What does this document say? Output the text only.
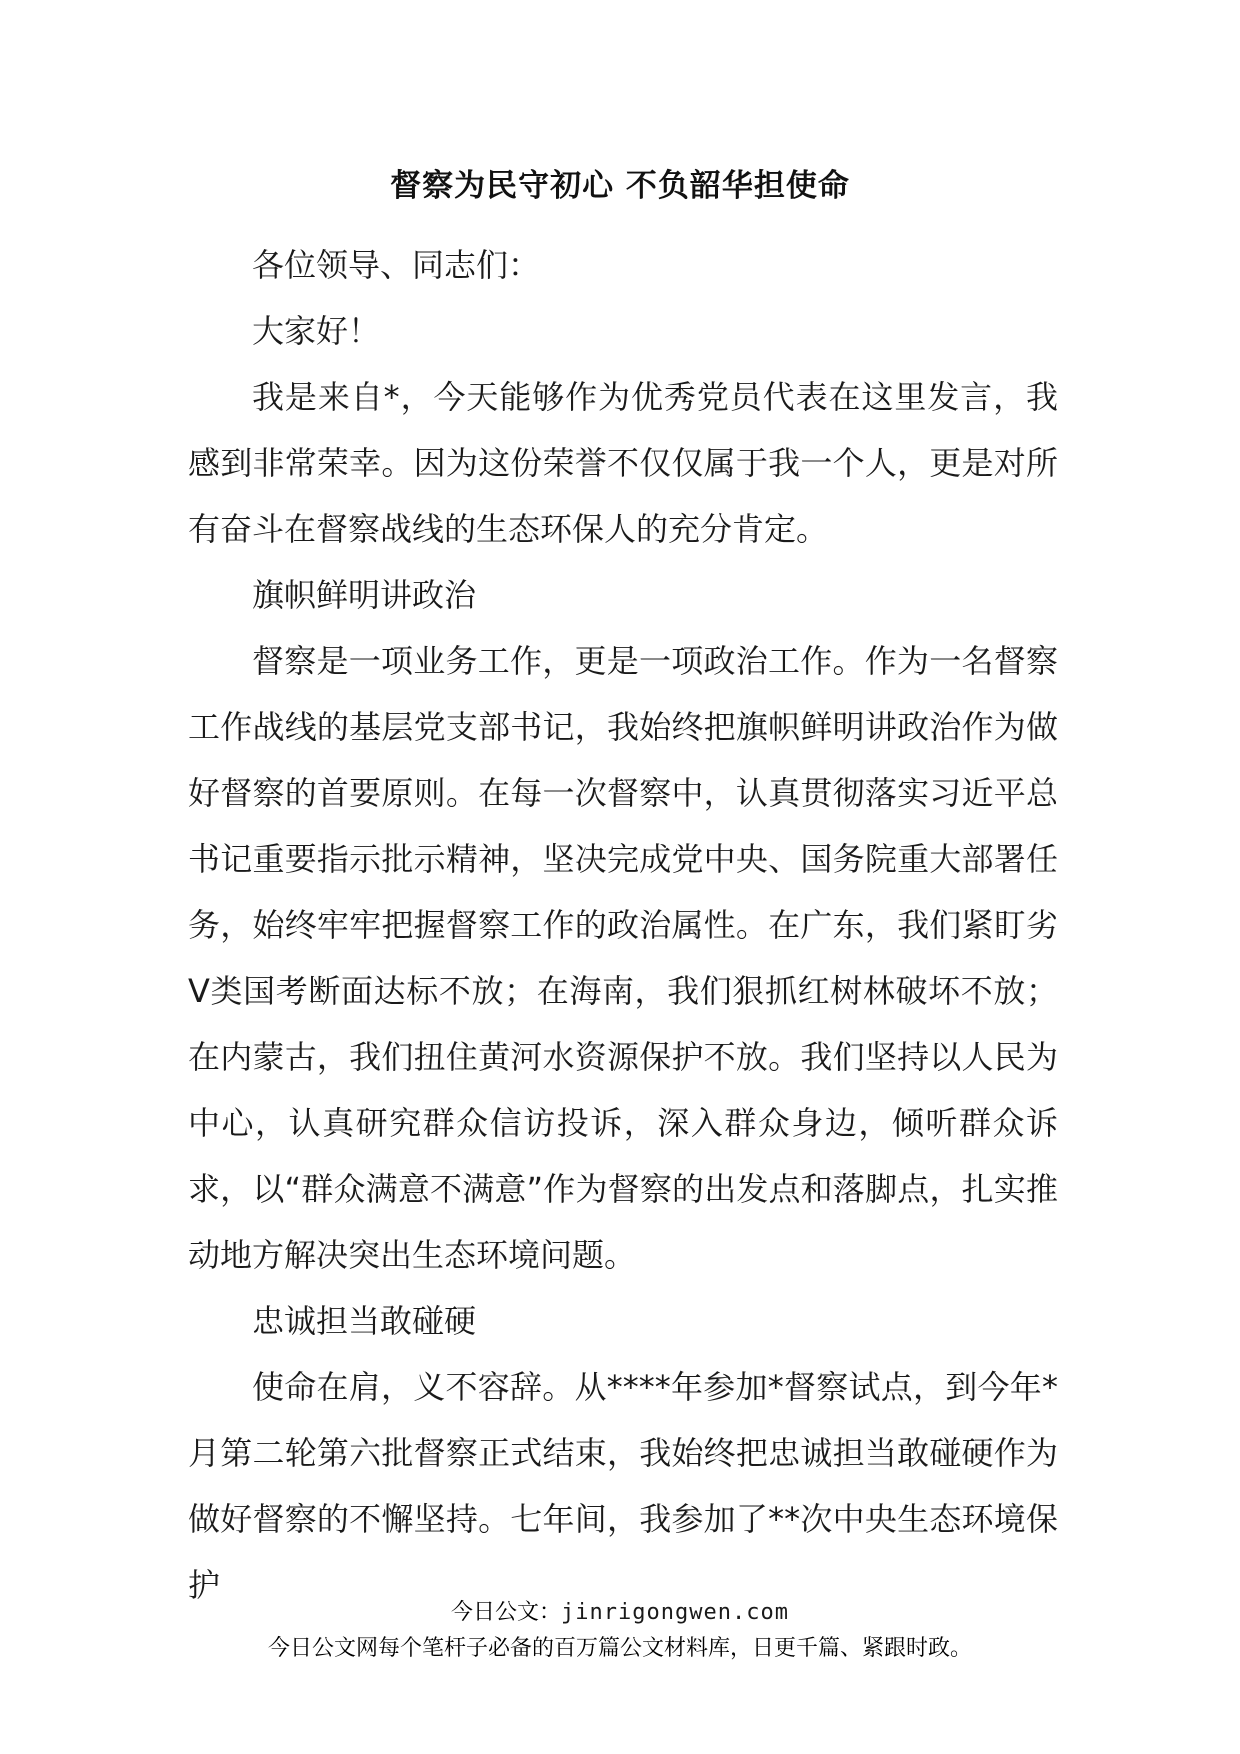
督察为民守初心 不负韶华担使命

各位领导、同志们：

大家好！

我是来自*，今天能够作为优秀党员代表在这里发言，我感到非常荣幸。因为这份荣誉不仅仅属于我一个人，更是对所有奋斗在督察战线的生态环保人的充分肯定。

旗帜鲜明讲政治

督察是一项业务工作，更是一项政治工作。作为一名督察工作战线的基层党支部书记，我始终把旗帜鲜明讲政治作为做好督察的首要原则。在每一次督察中，认真贯彻落实习近平总书记重要指示批示精神，坚决完成党中央、国务院重大部署任务，始终牢牢把握督察工作的政治属性。在广东，我们紧盯劣Ⅴ类国考断面达标不放；在海南，我们狠抓红树林破坏不放；在内蒙古，我们扭住黄河水资源保护不放。我们坚持以人民为中心，认真研究群众信访投诉，深入群众身边，倾听群众诉求，以“群众满意不满意”作为督察的出发点和落脚点，扎实推动地方解决突出生态环境问题。

忠诚担当敢碰硬

使命在肩，义不容辞。从****年参加*督察试点，到今年*月第二轮第六批督察正式结束，我始终把忠诚担当敢碰硬作为做好督察的不懈坚持。七年间，我参加了**次中央生态环境保护

今日公文：jinrigongwen.com
今日公文网每个笔杆子必备的百万篇公文材料库，日更千篇、紧跟时政。
